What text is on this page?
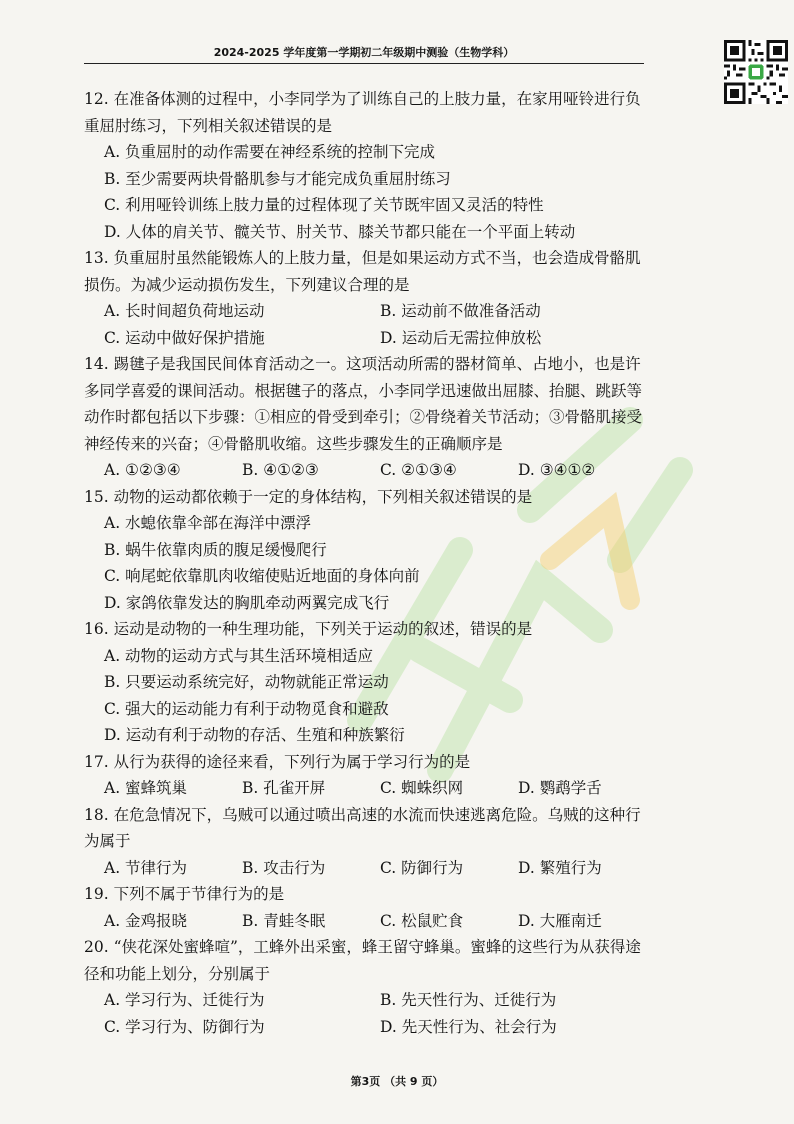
2024-2025 学年度第一学期初二年级期中测验（生物学科）

12. 在准备体测的过程中，小李同学为了训练自己的上肢力量，在家用哑铃进行负重屈肘练习，下列相关叙述错误的是

A. 负重屈肘的动作需要在神经系统的控制下完成

B. 至少需要两块骨骼肌参与才能完成负重屈肘练习

C. 利用哑铃训练上肢力量的过程体现了关节既牢固又灵活的特性

D. 人体的肩关节、髋关节、肘关节、膝关节都只能在一个平面上转动

13. 负重屈肘虽然能锻炼人的上肢力量，但是如果运动方式不当，也会造成骨骼肌损伤。为减少运动损伤发生，下列建议合理的是

A. 长时间超负荷地运动	B. 运动前不做准备活动
C. 运动中做好保护措施	D. 运动后无需拉伸放松

14. 踢毽子是我国民间体育活动之一。这项活动所需的器材简单、占地小，也是许多同学喜爱的课间活动。根据毽子的落点，小李同学迅速做出屈膝、抬腿、跳跃等动作时都包括以下步骤：①相应的骨受到牵引；②骨绕着关节活动；③骨骼肌接受神经传来的兴奋；④骨骼肌收缩。这些步骤发生的正确顺序是

A. ①②③④	B. ④①②③	C. ②①③④	D. ③④①②

15. 动物的运动都依赖于一定的身体结构，下列相关叙述错误的是

A. 水螅依靠伞部在海洋中漂浮

B. 蜗牛依靠肉质的腹足缓慢爬行

C. 响尾蛇依靠肌肉收缩使贴近地面的身体向前

D. 家鸽依靠发达的胸肌牵动两翼完成飞行

16. 运动是动物的一种生理功能，下列关于运动的叙述，错误的是

A. 动物的运动方式与其生活环境相适应

B. 只要运动系统完好，动物就能正常运动

C. 强大的运动能力有利于动物觅食和避敌

D. 运动有利于动物的存活、生殖和种族繁衍

17. 从行为获得的途径来看，下列行为属于学习行为的是

A. 蜜蜂筑巢	B. 孔雀开屏	C. 蜘蛛织网	D. 鹦鹉学舌

18. 在危急情况下，乌贼可以通过喷出高速的水流而快速逃离危险。乌贼的这种行为属于

A. 节律行为	B. 攻击行为	C. 防御行为	D. 繁殖行为

19. 下列不属于节律行为的是

A. 金鸡报晓	B. 青蛙冬眠	C. 松鼠贮食	D. 大雁南迁

20. “侠花深处蜜蜂喧”，工蜂外出采蜜，蜂王留守蜂巢。蜜蜂的这些行为从获得途径和功能上划分，分别属于

A. 学习行为、迁徙行为	B. 先天性行为、迁徙行为
C. 学习行为、防御行为	D. 先天性行为、社会行为
第3页 （共 9 页）
